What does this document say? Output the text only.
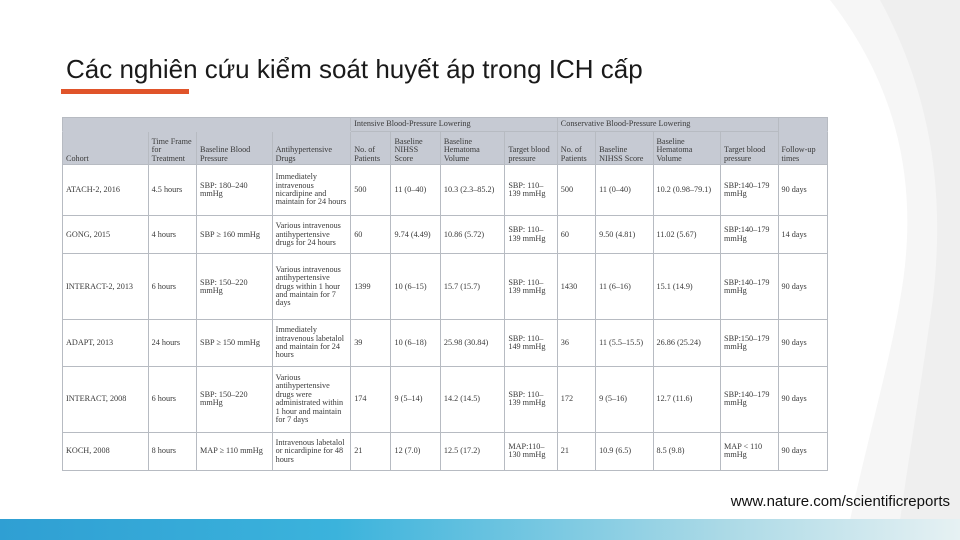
Các nghiên cứu kiểm soát huyết áp trong ICH cấp
				Intensive Blood-Pressure Lowering				Conservative Blood-Pressure Lowering				
Cohort	Time Frame for Treatment	Baseline Blood Pressure	Antihypertensive Drugs	No. of Patients	Baseline NIHSS Score	Baseline Hematoma Volume	Target blood pressure	No. of Patients	Baseline NIHSS Score	Baseline Hematoma Volume	Target blood pressure	Follow-up times
ATACH-2, 2016	4.5 hours	SBP: 180–240 mmHg	Immediately intravenous nicardipine and maintain for 24 hours	500	11 (0–40)	10.3 (2.3–85.2)	SBP: 110–139 mmHg	500	11 (0–40)	10.2 (0.98–79.1)	SBP:140–179 mmHg	90 days
GONG, 2015	4 hours	SBP ≥ 160 mmHg	Various intravenous antihypertensive drugs for 24 hours	60	9.74 (4.49)	10.86 (5.72)	SBP: 110–139 mmHg	60	9.50 (4.81)	11.02 (5.67)	SBP:140–179 mmHg	14 days
INTERACT-2, 2013	6 hours	SBP: 150–220 mmHg	Various intravenous antihypertensive drugs within 1 hour and maintain for 7 days	1399	10 (6–15)	15.7 (15.7)	SBP: 110–139 mmHg	1430	11 (6–16)	15.1 (14.9)	SBP:140–179 mmHg	90 days
ADAPT, 2013	24 hours	SBP ≥ 150 mmHg	Immediately intravenous labetalol and maintain for 24 hours	39	10 (6–18)	25.98 (30.84)	SBP: 110–149 mmHg	36	11 (5.5–15.5)	26.86 (25.24)	SBP:150–179 mmHg	90 days
INTERACT, 2008	6 hours	SBP: 150–220 mmHg	Various antihypertensive drugs were administrated within 1 hour and maintain for 7 days	174	9 (5–14)	14.2 (14.5)	SBP: 110–139 mmHg	172	9 (5–16)	12.7 (11.6)	SBP:140–179 mmHg	90 days
KOCH, 2008	8 hours	MAP ≥ 110 mmHg	Intravenous labetalol or nicardipine for 48 hours	21	12 (7.0)	12.5 (17.2)	MAP:110–130 mmHg	21	10.9 (6.5)	8.5 (9.8)	MAP < 110 mmHg	90 days
www.nature.com/scientificreports
